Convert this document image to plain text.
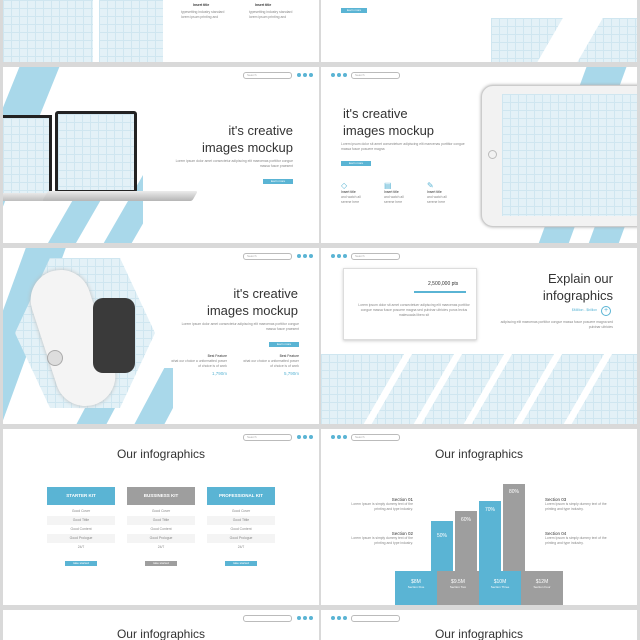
Insert title
typesetting industry standard lorem ipsum printing and
Insert title
typesetting industry standard lorem ipsum printing and
learn more
Search
it's creative
images mockup
Lorem ipsum dolor amet consectetur adipiscing elit maecenas porttitor congue massa fusce praesent
learn more
Search
it's creative
images mockup
Lorem ipsum dolor sit amet consectetuer adipiscing elit maecenas porttitor congue massa fusce posuere magna
learn more
◇
Insert title
and watch all serene here
▤
Insert title
and watch all serene here
✎
Insert title
and watch all serene here
Search
it's creative
images mockup
Lorem ipsum dolor amet consectetur adipiscing elit maecenas porttitor congue massa fusce praesent
learn more
Best Feature
what our choice a unformatted power of choice is of work
1,790m
Best Feature
what our choice a unformatted power of choice is of work
5,790m
Search
2,500,000 pts
Lorem ipsum dolor sit amet consectetuer adipiscing elit maecenas porttitor congue massa fusce posuere magna sed pulvinar ultricies purus lectus malesuada libero sit
Explain our
infographics
$Million - $billion +
adipiscing elit maecenas porttitor congue massa fusce posuere magna sed pulvinar ultricies
Search
Our infographics
STARTER KIT
Good Cover
Good Tittle
Good Content
Good Prologue
24/7
take started
BUSSINESS KIT
Good Cover
Good Tittle
Good Content
Good Prologue
24/7
take started
PROFESSIONAL KIT
Good Cover
Good Tittle
Good Content
Good Prologue
24/7
take started
Search
Our infographics
Section 01
Lorem Ipsum is simply dummy text of the printing and type industry.
Section 02
Lorem Ipsum is simply dummy text of the printing and type industry.
Section 03
Lorem Ipsum is simply dummy text of the printing and type industry.
Section 04
Lorem Ipsum is simply dummy text of the printing and type industry.
50%
60%
70%
80%
$8M
Section Five
$9.5M
Section Two
$10M
Section Three
$12M
Section Four
Our infographics	Our infographics
